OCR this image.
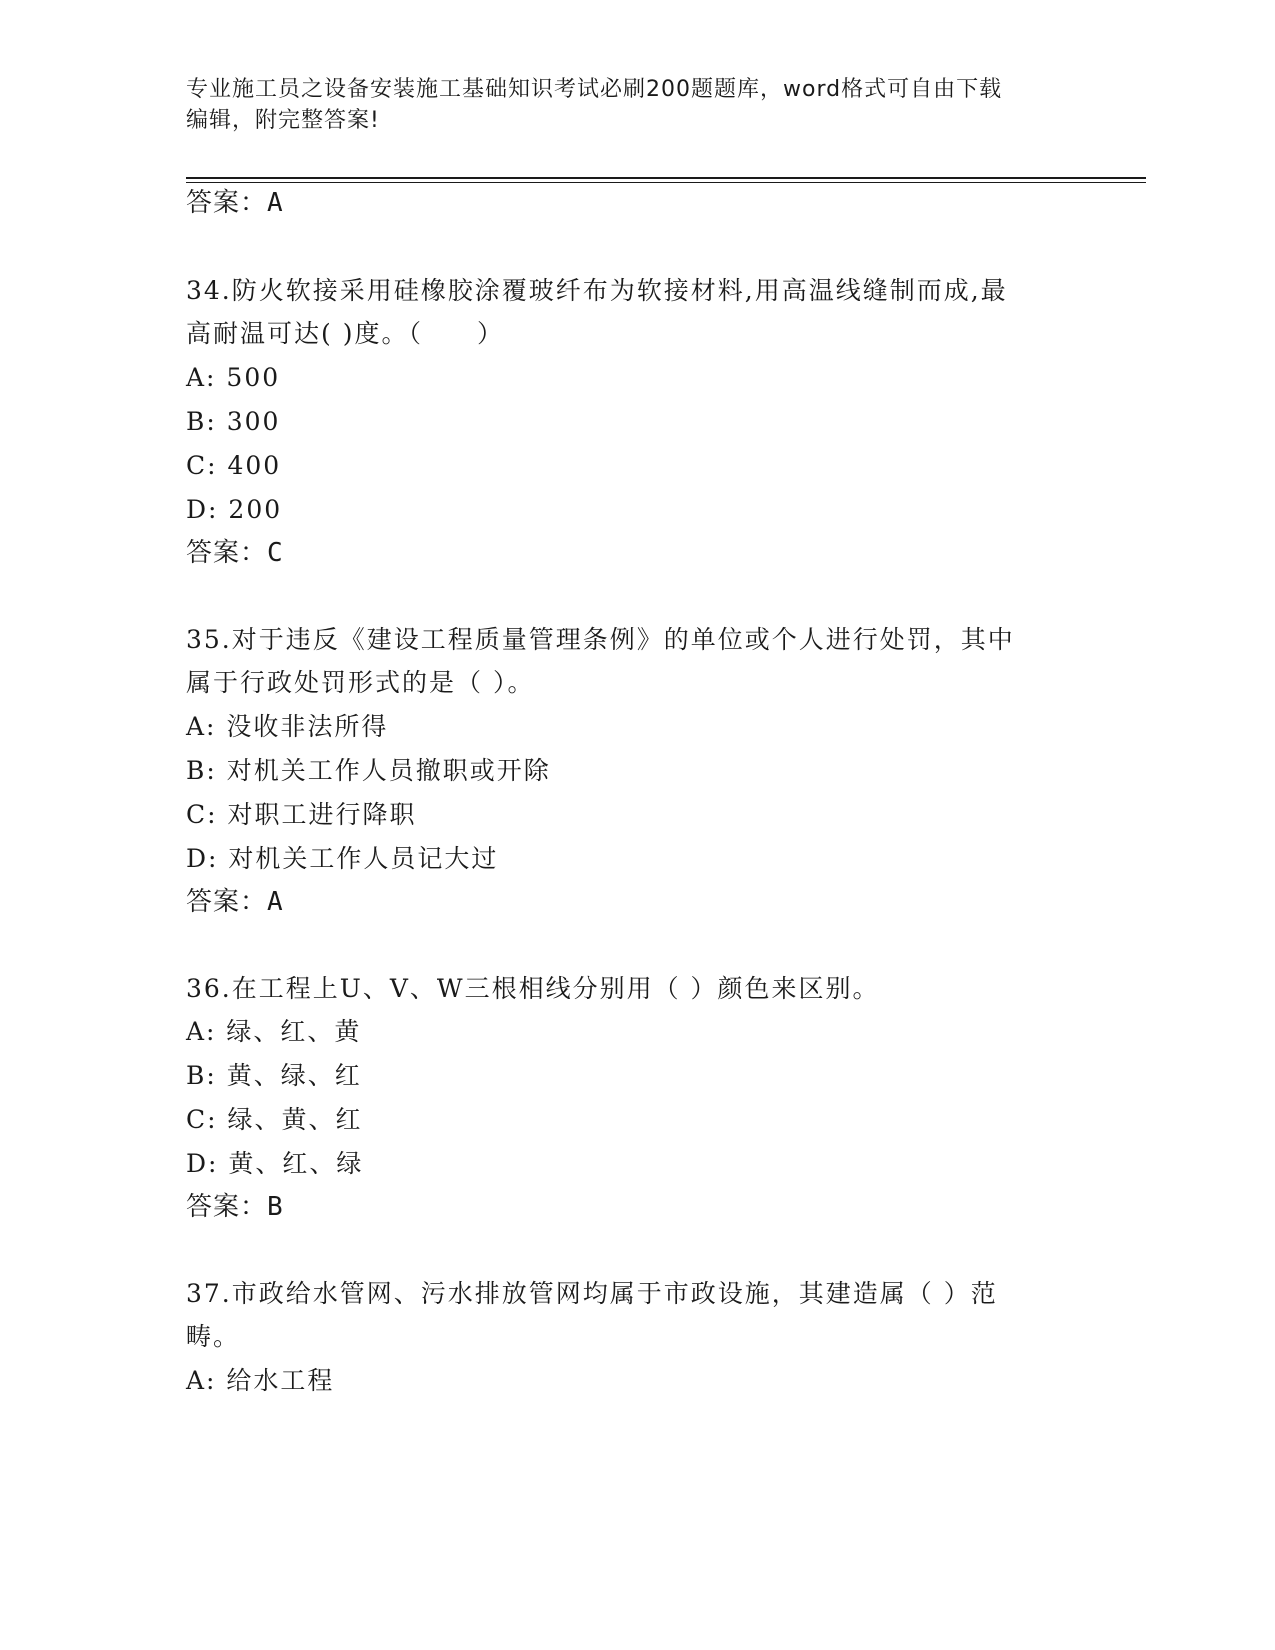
专业施工员之设备安装施工基础知识考试必刷200题题库，word格式可自由下载
编辑，附完整答案!
答案：A
34.防火软接采用硅橡胶涂覆玻纤布为软接材料,用高温线缝制而成,最
高耐温可达( )度。（　　）
A: 500
B: 300
C: 400
D: 200
答案：C
35.对于违反《建设工程质量管理条例》的单位或个人进行处罚，其中
属于行政处罚形式的是（ ）。
A: 没收非法所得
B: 对机关工作人员撤职或开除
C: 对职工进行降职
D: 对机关工作人员记大过
答案：A
36.在工程上U、V、W三根相线分别用（ ）颜色来区别。
A: 绿、红、黄
B: 黄、绿、红
C: 绿、黄、红
D: 黄、红、绿
答案：B
37.市政给水管网、污水排放管网均属于市政设施，其建造属（ ）范
畴。
A: 给水工程
